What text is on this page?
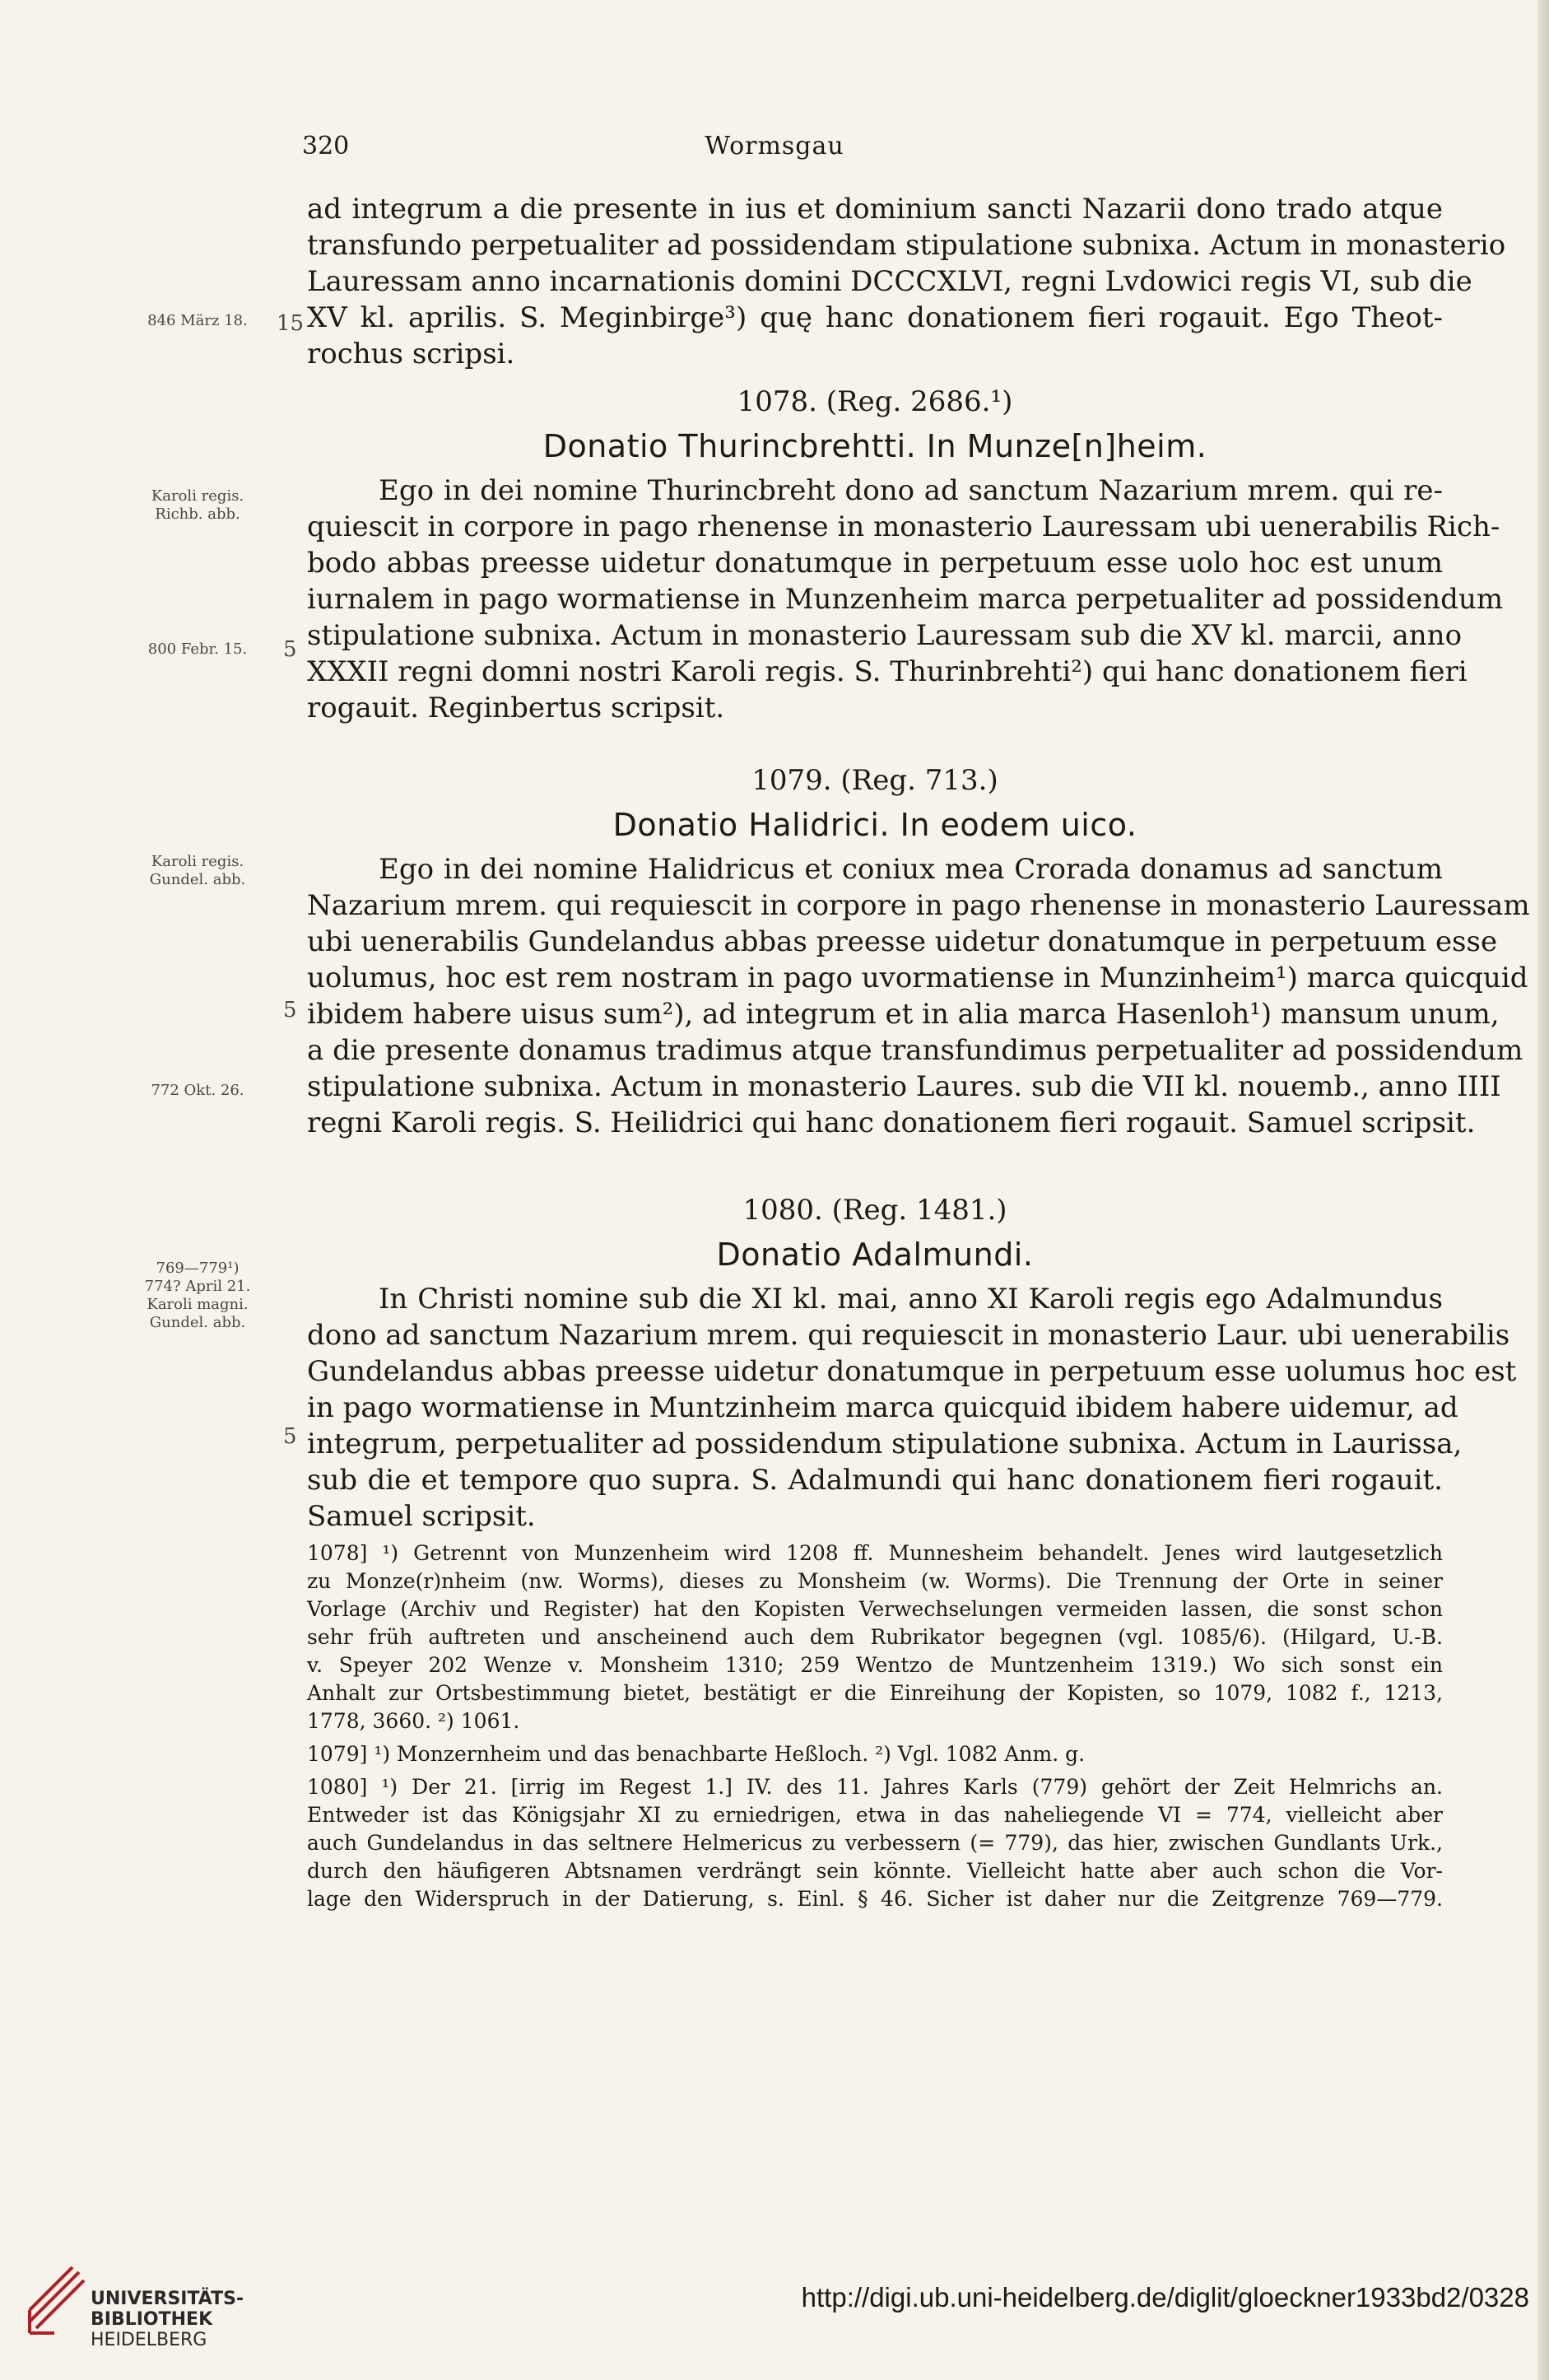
320	Wormsgau
ad integrum a die presente in ius et dominium sancti Nazarii dono trado atque
transfundo perpetualiter ad possidendam stipulatione subnixa. Actum in monasterio
Lauressam anno incarnationis domini DCCCXLVI, regni Lvdowici regis VI, sub die
XV kl. aprilis. S. Meginbirge³) quę hanc donationem fieri rogauit. Ego Theot-
rochus scripsi.
1078. (Reg. 2686.¹)
Donatio Thurincbrehtti. In Munze[n]heim.
Ego in dei nomine Thurincbreht dono ad sanctum Nazarium mrem. qui re-
quiescit in corpore in pago rhenense in monasterio Lauressam ubi uenerabilis Rich-
bodo abbas preesse uidetur donatumque in perpetuum esse uolo hoc est unum
iurnalem in pago wormatiense in Munzenheim marca perpetualiter ad possidendum
stipulatione subnixa. Actum in monasterio Lauressam sub die XV kl. marcii, anno
XXXII regni domni nostri Karoli regis. S. Thurinbrehti²) qui hanc donationem fieri
rogauit. Reginbertus scripsit.
1079. (Reg. 713.)
Donatio Halidrici. In eodem uico.
Ego in dei nomine Halidricus et coniux mea Crorada donamus ad sanctum
Nazarium mrem. qui requiescit in corpore in pago rhenense in monasterio Lauressam
ubi uenerabilis Gundelandus abbas preesse uidetur donatumque in perpetuum esse
uolumus, hoc est rem nostram in pago uvormatiense in Munzinheim¹) marca quicquid
ibidem habere uisus sum²), ad integrum et in alia marca Hasenloh¹) mansum unum,
a die presente donamus tradimus atque transfundimus perpetualiter ad possidendum
stipulatione subnixa. Actum in monasterio Laures. sub die VII kl. nouemb., anno IIII
regni Karoli regis. S. Heilidrici qui hanc donationem fieri rogauit. Samuel scripsit.
1080. (Reg. 1481.)
Donatio Adalmundi.
In Christi nomine sub die XI kl. mai, anno XI Karoli regis ego Adalmundus
dono ad sanctum Nazarium mrem. qui requiescit in monasterio Laur. ubi uenerabilis
Gundelandus abbas preesse uidetur donatumque in perpetuum esse uolumus hoc est
in pago wormatiense in Muntzinheim marca quicquid ibidem habere uidemur, ad
integrum, perpetualiter ad possidendum stipulatione subnixa. Actum in Laurissa,
sub die et tempore quo supra. S. Adalmundi qui hanc donationem fieri rogauit.
Samuel scripsit.
846 März 18.
Karoli regis.
Richb. abb.
800 Febr. 15.
Karoli regis.
Gundel. abb.
772 Okt. 26.
769—779¹)
774? April 21.
Karoli magni.
Gundel. abb.
15
5
5
5
1078] ¹) Getrennt von Munzenheim wird 1208 ff. Munnesheim behandelt. Jenes wird lautgesetzlich
zu Monze(r)nheim (nw. Worms), dieses zu Monsheim (w. Worms). Die Trennung der Orte in seiner
Vorlage (Archiv und Register) hat den Kopisten Verwechselungen vermeiden lassen, die sonst schon
sehr früh auftreten und anscheinend auch dem Rubrikator begegnen (vgl. 1085/6). (Hilgard, U.-B.
v. Speyer 202 Wenze v. Monsheim 1310; 259 Wentzo de Muntzenheim 1319.) Wo sich sonst ein
Anhalt zur Ortsbestimmung bietet, bestätigt er die Einreihung der Kopisten, so 1079, 1082 f., 1213,
1778, 3660. ²) 1061.
1079] ¹) Monzernheim und das benachbarte Heßloch. ²) Vgl. 1082 Anm. g.
1080] ¹) Der 21. [irrig im Regest 1.] IV. des 11. Jahres Karls (779) gehört der Zeit Helmrichs an.
Entweder ist das Königsjahr XI zu erniedrigen, etwa in das naheliegende VI = 774, vielleicht aber
auch Gundelandus in das seltnere Helmericus zu verbessern (= 779), das hier, zwischen Gundlants Urk.,
durch den häufigeren Abtsnamen verdrängt sein könnte. Vielleicht hatte aber auch schon die Vor-
lage den Widerspruch in der Datierung, s. Einl. § 46. Sicher ist daher nur die Zeitgrenze 769—779.
UNIVERSITÄTS-
BIBLIOTHEK
HEIDELBERG
http://digi.ub.uni-heidelberg.de/diglit/gloeckner1933bd2/0328
